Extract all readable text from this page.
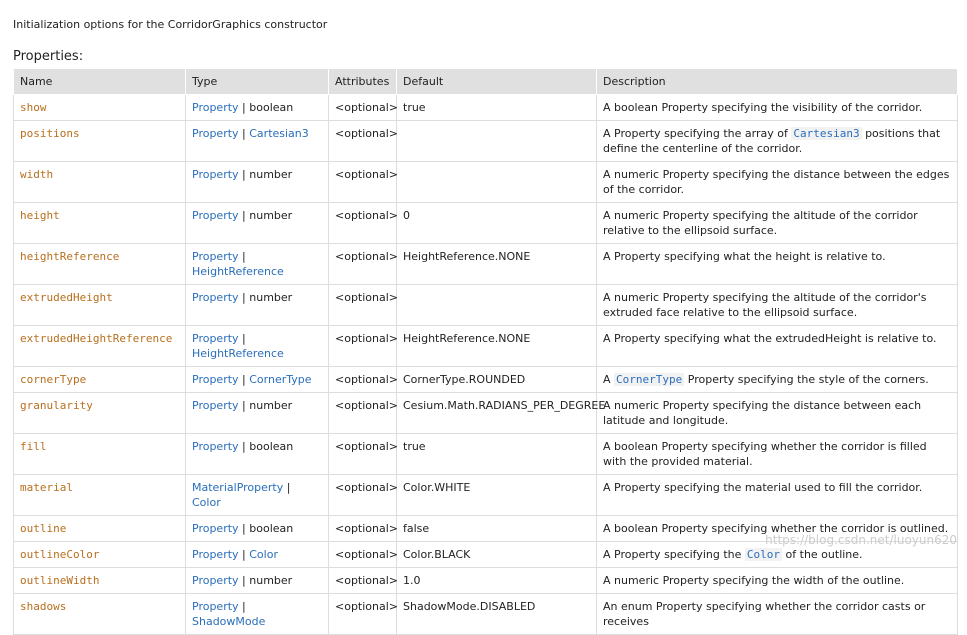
Initialization options for the CorridorGraphics constructor
Properties:
Name	Type	Attributes	Default	Description
show	Property | boolean	<optional>	true	A boolean Property specifying the visibility of the corridor.
positions	Property | Cartesian3	<optional>		A Property specifying the array of Cartesian3 positions that define the centerline of the corridor.
width	Property | number	<optional>		A numeric Property specifying the distance between the edges of the corridor.
height	Property | number	<optional>	0	A numeric Property specifying the altitude of the corridor relative to the ellipsoid surface.
heightReference	Property | HeightReference	<optional>	HeightReference.NONE	A Property specifying what the height is relative to.
extrudedHeight	Property | number	<optional>		A numeric Property specifying the altitude of the corridor's extruded face relative to the ellipsoid surface.
extrudedHeightReference	Property | HeightReference	<optional>	HeightReference.NONE	A Property specifying what the extrudedHeight is relative to.
cornerType	Property | CornerType	<optional>	CornerType.ROUNDED	A CornerType Property specifying the style of the corners.
granularity	Property | number	<optional>	Cesium.Math.RADIANS_PER_DEGREE	A numeric Property specifying the distance between each latitude and longitude.
fill	Property | boolean	<optional>	true	A boolean Property specifying whether the corridor is filled with the provided material.
material	MaterialProperty | Color	<optional>	Color.WHITE	A Property specifying the material used to fill the corridor.
outline	Property | boolean	<optional>	false	A boolean Property specifying whether the corridor is outlined.
outlineColor	Property | Color	<optional>	Color.BLACK	A Property specifying the Color of the outline.
outlineWidth	Property | number	<optional>	1.0	A numeric Property specifying the width of the outline.
shadows	Property | ShadowMode	<optional>	ShadowMode.DISABLED	An enum Property specifying whether the corridor casts or receives
https://blog.csdn.net/luoyun620
